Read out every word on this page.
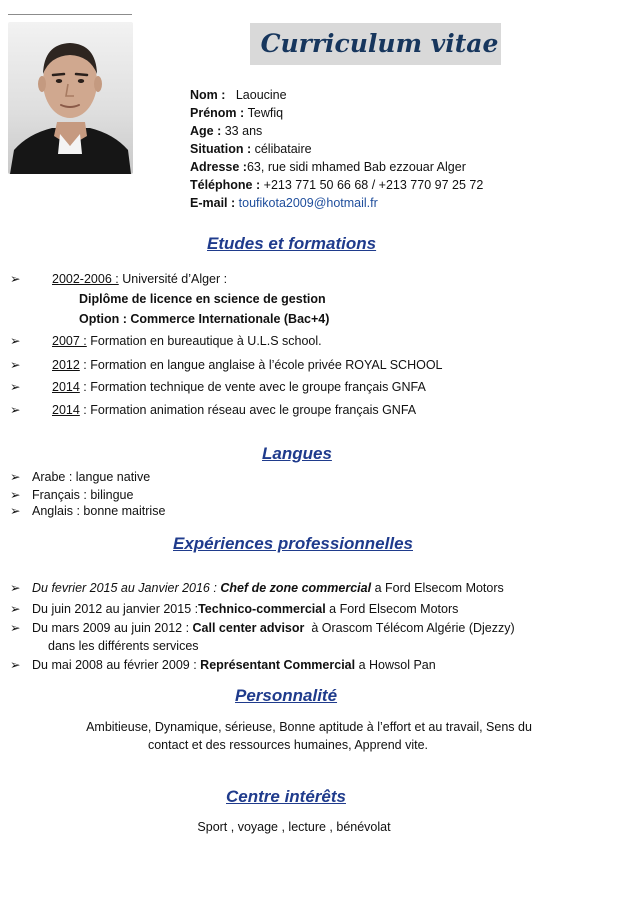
Curriculum vitae
Nom : Laoucine
Prénom : Tewfiq
Age : 33 ans
Situation : célibataire
Adresse :63, rue sidi mhamed Bab ezzouar Alger
Téléphone : +213 771 50 66 68 / +213 770 97 25 72
E-mail : toufikota2009@hotmail.fr
Etudes et formations
➢	2002-2006 : Université d’Alger :
Diplôme de licence en science de gestion
Option : Commerce Internationale (Bac+4)
➢	2007 : Formation en bureautique à U.L.S school.
➢	2012 : Formation en langue anglaise à l’école privée ROYAL SCHOOL
➢	2014 : Formation technique de vente avec le groupe français GNFA
➢	2014 : Formation animation réseau avec le groupe français GNFA
Langues
➢ Arabe : langue native
➢ Français : bilingue
➢ Anglais : bonne maitrise
Expériences professionnelles
➢ Du fevrier 2015 au Janvier 2016 : Chef de zone commercial a Ford Elsecom Motors
➢ Du juin 2012 au janvier 2015 :Technico-commercial a Ford Elsecom Motors
➢ Du mars 2009 au juin 2012 : Call center advisor à Orascom Télécom Algérie (Djezzy)
dans les différents services
➢ Du mai 2008 au février 2009 : Représentant Commercial a Howsol Pan
Personnalité
Ambitieuse, Dynamique, sérieuse, Bonne aptitude à l’effort et au travail, Sens du
contact et des ressources humaines, Apprend vite.
Centre intérêts
Sport , voyage , lecture , bénévolat
